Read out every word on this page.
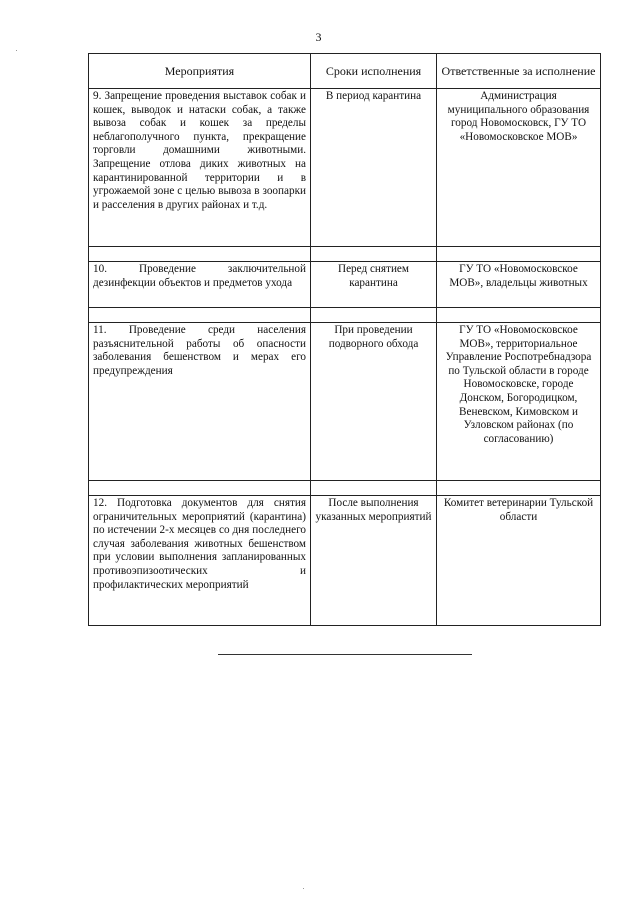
3
Мероприятия	Сроки исполнения	Ответственные за исполнение
9. Запрещение проведения выставок собак и кошек, выводок и натаски собак, а также вывоза собак и кошек за пределы неблагополучного пункта, прекращение торговли домашними животными. Запрещение отлова диких животных на карантинированной территории и в угрожаемой зоне с целью вывоза в зоопарки и расселения в других районах и т.д.	В период карантина	Администрация муниципального образования город Новомосковск, ГУ ТО «Новомосковское МОВ»

10. Проведение заключительной дезинфекции объектов и предметов ухода	Перед снятием карантина	ГУ ТО «Новомосковское МОВ», владельцы животных

11. Проведение среди населения разъяснительной работы об опасности заболевания бешенством и мерах его предупреждения	При проведении подворного обхода	ГУ ТО «Новомосковское МОВ», территориальное Управление Роспотребнадзора по Тульской области в городе Новомосковске, городе Донском, Богородицком, Веневском, Кимовском и Узловском районах (по согласованию)

12. Подготовка документов для снятия ограничительных мероприятий (карантина) по истечении 2-х месяцев со дня последнего случая заболевания животных бешенством при условии выполнения запланированных противоэпизоотических и профилактических мероприятий	После выполнения указанных мероприятий	Комитет ветеринарии Тульской области
